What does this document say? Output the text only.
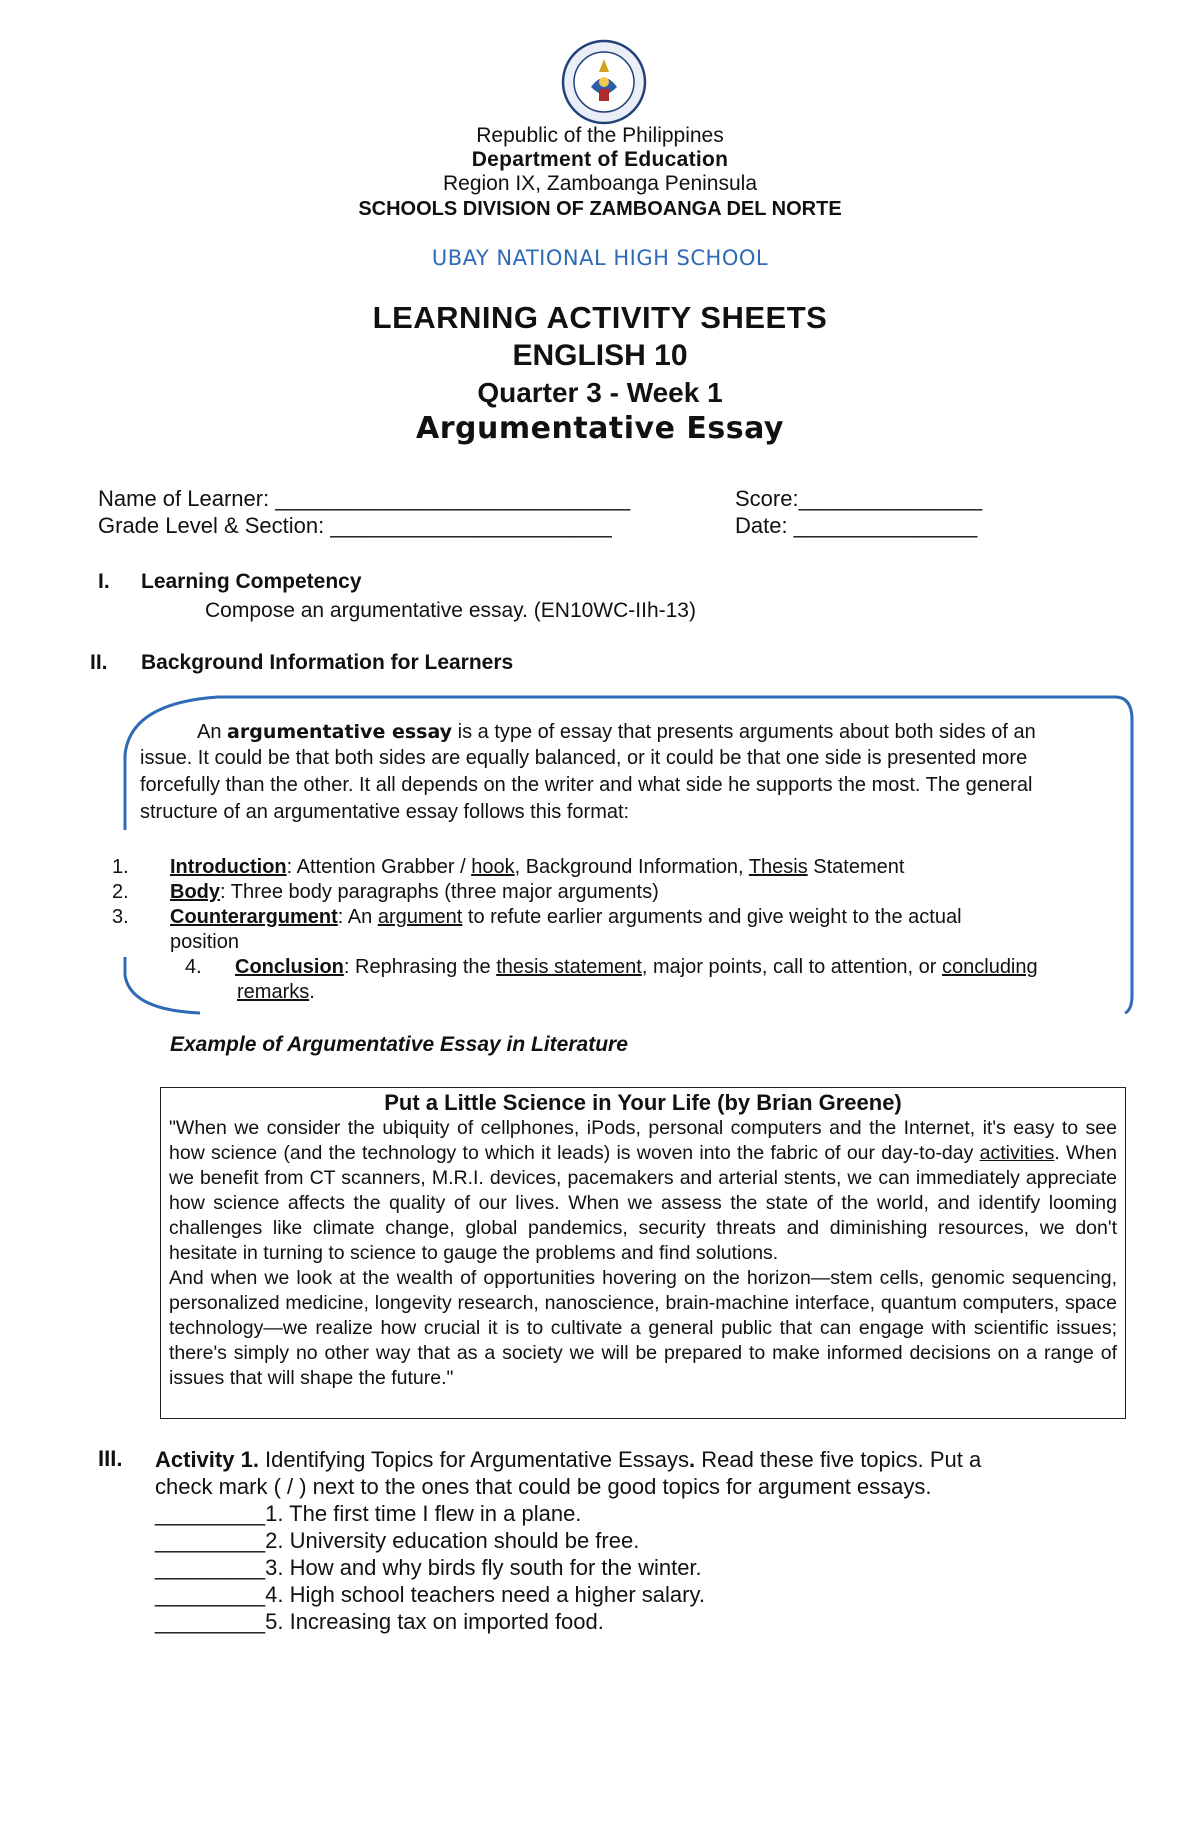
Republic of the Philippines
Department of Education
Region IX, Zamboanga Peninsula
SCHOOLS DIVISION OF ZAMBOANGA DEL NORTE
UBAY NATIONAL HIGH SCHOOL
LEARNING ACTIVITY SHEETS
ENGLISH 10
Quarter 3 - Week 1
Argumentative Essay
Name of Learner: _____________________________	Score:_______________
Grade Level & Section: _______________________	Date: _______________
I. Learning Competency
Compose an argumentative essay. (EN10WC-IIh-13)
II. Background Information for Learners
An argumentative essay is a type of essay that presents arguments about both sides of an
issue. It could be that both sides are equally balanced, or it could be that one side is presented more
forcefully than the other. It all depends on the writer and what side he supports the most. The general
structure of an argumentative essay follows this format:
1. Introduction: Attention Grabber / hook, Background Information, Thesis Statement
2. Body: Three body paragraphs (three major arguments)
3. Counterargument: An argument to refute earlier arguments and give weight to the actual
position
4. Conclusion: Rephrasing the thesis statement, major points, call to attention, or concluding
remarks.
Example of Argumentative Essay in Literature
Put a Little Science in Your Life (by Brian Greene)
"When we consider the ubiquity of cellphones, iPods, personal computers and the Internet, it's easy to see how science (and the technology to which it leads) is woven into the fabric of our day-to-day activities. When we benefit from CT scanners, M.R.I. devices, pacemakers and arterial stents, we can immediately appreciate how science affects the quality of our lives. When we assess the state of the world, and identify looming challenges like climate change, global pandemics, security threats and diminishing resources, we don't hesitate in turning to science to gauge the problems and find solutions.
And when we look at the wealth of opportunities hovering on the horizon—stem cells, genomic sequencing, personalized medicine, longevity research, nanoscience, brain-machine interface, quantum computers, space technology—we realize how crucial it is to cultivate a general public that can engage with scientific issues; there's simply no other way that as a society we will be prepared to make informed decisions on a range of issues that will shape the future."
III. Activity 1. Identifying Topics for Argumentative Essays. Read these five topics. Put a
check mark ( / ) next to the ones that could be good topics for argument essays.
_________1. The first time I flew in a plane.
_________2. University education should be free.
_________3. How and why birds fly south for the winter.
_________4. High school teachers need a higher salary.
_________5. Increasing tax on imported food.
